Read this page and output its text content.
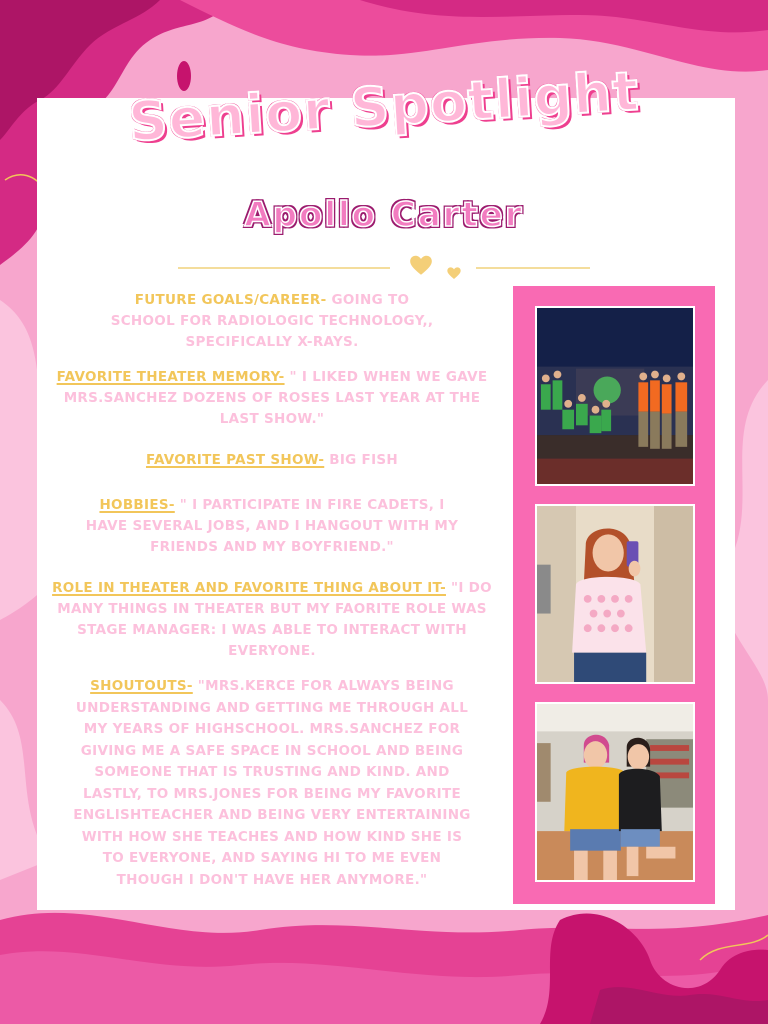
Senior Spotlight
Apollo Carter

FUTURE GOALS/CAREER- GOING TO SCHOOL FOR RADIOLOGIC TECHNOLOGY,, SPECIFICALLY X-RAYS.

FAVORITE THEATER MEMORY- " I LIKED WHEN WE GAVE MRS.SANCHEZ DOZENS OF ROSES LAST YEAR AT THE LAST SHOW."

FAVORITE PAST SHOW- BIG FISH

HOBBIES- " I PARTICIPATE IN FIRE CADETS, I HAVE SEVERAL JOBS, AND I HANGOUT WITH MY FRIENDS AND MY BOYFRIEND."

ROLE IN THEATER AND FAVORITE THING ABOUT IT- "I DO MANY THINGS IN THEATER BUT MY FAORITE ROLE WAS STAGE MANAGER: I WAS ABLE TO INTERACT WITH EVERYONE.

SHOUTOUTS- "MRS.KERCE FOR ALWAYS BEING UNDERSTANDING AND GETTING ME THROUGH ALL MY YEARS OF HIGHSCHOOL. MRS.SANCHEZ FOR GIVING ME A SAFE SPACE IN SCHOOL AND BEING SOMEONE THAT IS TRUSTING AND KIND. AND LASTLY, TO MRS.JONES FOR BEING MY FAVORITE ENGLISHTEACHER AND BEING VERY ENTERTAINING WITH HOW SHE TEACHES AND HOW KIND SHE IS TO EVERYONE, AND SAYING HI TO ME EVEN THOUGH I DON'T HAVE HER ANYMORE."
